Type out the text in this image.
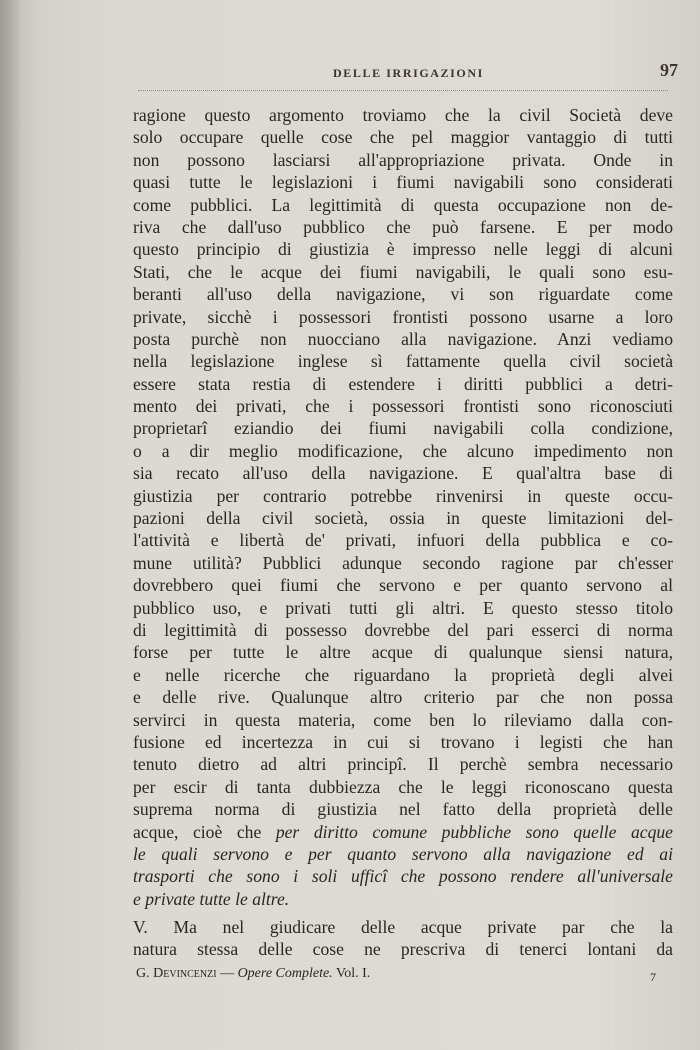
DELLE IRRIGAZIONI	97
ragione questo argomento troviamo che la civil Società deve
solo occupare quelle cose che pel maggior vantaggio di tutti
non possono lasciarsi all'appropriazione privata. Onde in
quasi tutte le legislazioni i fiumi navigabili sono considerati
come pubblici. La legittimità di questa occupazione non de-
riva che dall'uso pubblico che può farsene. E per modo
questo principio di giustizia è impresso nelle leggi di alcuni
Stati, che le acque dei fiumi navigabili, le quali sono esu-
beranti all'uso della navigazione, vi son riguardate come
private, sicchè i possessori frontisti possono usarne a loro
posta purchè non nuocciano alla navigazione. Anzi vediamo
nella legislazione inglese sì fattamente quella civil società
essere stata restia di estendere i diritti pubblici a detri-
mento dei privati, che i possessori frontisti sono riconosciuti
proprietarî eziandio dei fiumi navigabili colla condizione,
o a dir meglio modificazione, che alcuno impedimento non
sia recato all'uso della navigazione. E qual'altra base di
giustizia per contrario potrebbe rinvenirsi in queste occu-
pazioni della civil società, ossia in queste limitazioni del-
l'attività e libertà de' privati, infuori della pubblica e co-
mune utilità? Pubblici adunque secondo ragione par ch'esser
dovrebbero quei fiumi che servono e per quanto servono al
pubblico uso, e privati tutti gli altri. E questo stesso titolo
di legittimità di possesso dovrebbe del pari esserci di norma
forse per tutte le altre acque di qualunque siensi natura,
e nelle ricerche che riguardano la proprietà degli alvei
e delle rive. Qualunque altro criterio par che non possa
servirci in questa materia, come ben lo rileviamo dalla con-
fusione ed incertezza in cui si trovano i legisti che han
tenuto dietro ad altri principî. Il perchè sembra necessario
per escir di tanta dubbiezza che le leggi riconoscano questa
suprema norma di giustizia nel fatto della proprietà delle
acque, cioè che per diritto comune pubbliche sono quelle acque
le quali servono e per quanto servono alla navigazione ed ai
trasporti che sono i soli ufficî che possono rendere all'universale
e private tutte le altre.
V. Ma nel giudicare delle acque private par che la
natura stessa delle cose ne prescriva di tenerci lontani da
G. Devincenzi — Opere Complete. Vol. I.	7
